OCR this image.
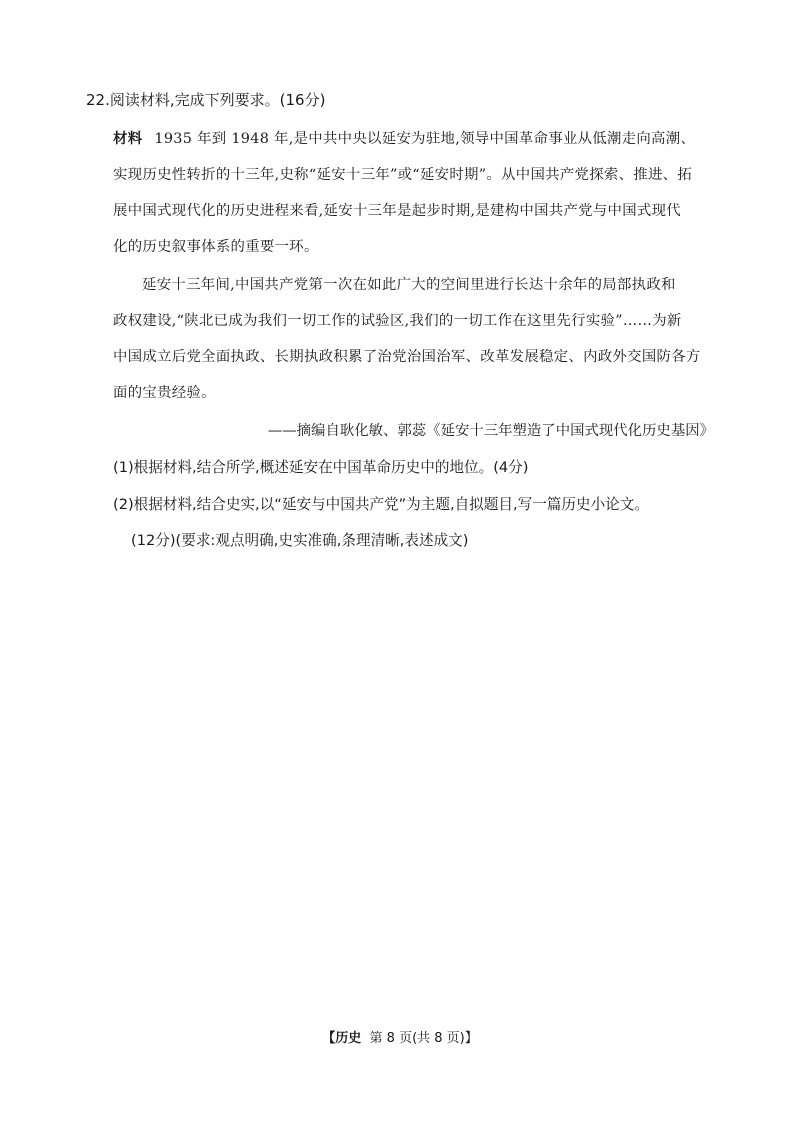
22.阅读材料,完成下列要求。(16分)
材料 1935 年到 1948 年,是中共中央以延安为驻地,领导中国革命事业从低潮走向高潮、
实现历史性转折的十三年,史称“延安十三年”或“延安时期”。从中国共产党探索、推进、拓
展中国式现代化的历史进程来看,延安十三年是起步时期,是建构中国共产党与中国式现代
化的历史叙事体系的重要一环。
延安十三年间,中国共产党第一次在如此广大的空间里进行长达十余年的局部执政和
政权建设,“陕北已成为我们一切工作的试验区,我们的一切工作在这里先行实验”……为新
中国成立后党全面执政、长期执政积累了治党治国治军、改革发展稳定、内政外交国防各方
面的宝贵经验。
——摘编自耿化敏、郭蕊《延安十三年塑造了中国式现代化历史基因》
(1)根据材料,结合所学,概述延安在中国革命历史中的地位。(4分)
(2)根据材料,结合史实,以“延安与中国共产党”为主题,自拟题目,写一篇历史小论文。
(12分)(要求:观点明确,史实准确,条理清晰,表述成文)
【历史 第 8 页(共 8 页)】
